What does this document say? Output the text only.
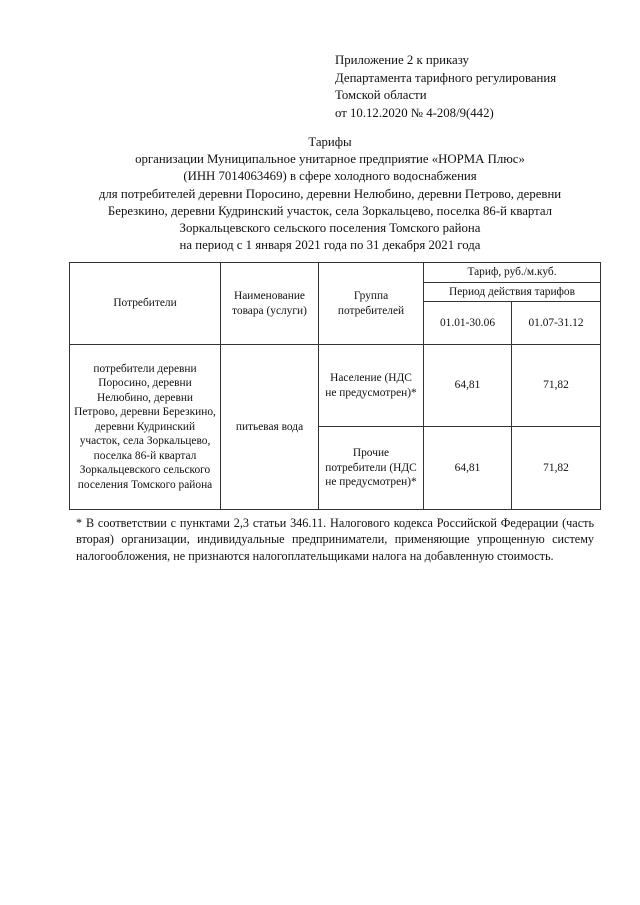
Приложение 2 к приказу
Департамента тарифного регулирования
Томской области
от 10.12.2020 № 4-208/9(442)
Тарифы
организации Муниципальное унитарное предприятие «НОРМА Плюс»
(ИНН 7014063469) в сфере холодного водоснабжения
для потребителей деревни Поросино, деревни Нелюбино, деревни Петрово, деревни
Березкино, деревни Кудринский участок, села Зоркальцево, поселка 86-й квартал
Зоркальцевского сельского поселения Томского района
на период с 1 января 2021 года по 31 декабря 2021 года
Потребители	Наименование товара (услуги)	Группа потребителей	Тариф, руб./м.куб.	
			Период действия тарифов	
			01.01-30.06	01.07-31.12
потребители деревни Поросино, деревни Нелюбино, деревни Петрово, деревни Березкино, деревни Кудринский участок, села Зоркальцево, поселка 86-й квартал Зоркальцевского сельского поселения Томского района	питьевая вода	Население (НДС не предусмотрен)*	64,81	71,82
		Прочие потребители (НДС не предусмотрен)*	64,81	71,82
* В соответствии с пунктами 2,3 статьи 346.11. Налогового кодекса Российской Федерации (часть вторая) организации, индивидуальные предприниматели, применяющие упрощенную систему налогообложения, не признаются налогоплательщиками налога на добавленную стоимость.
